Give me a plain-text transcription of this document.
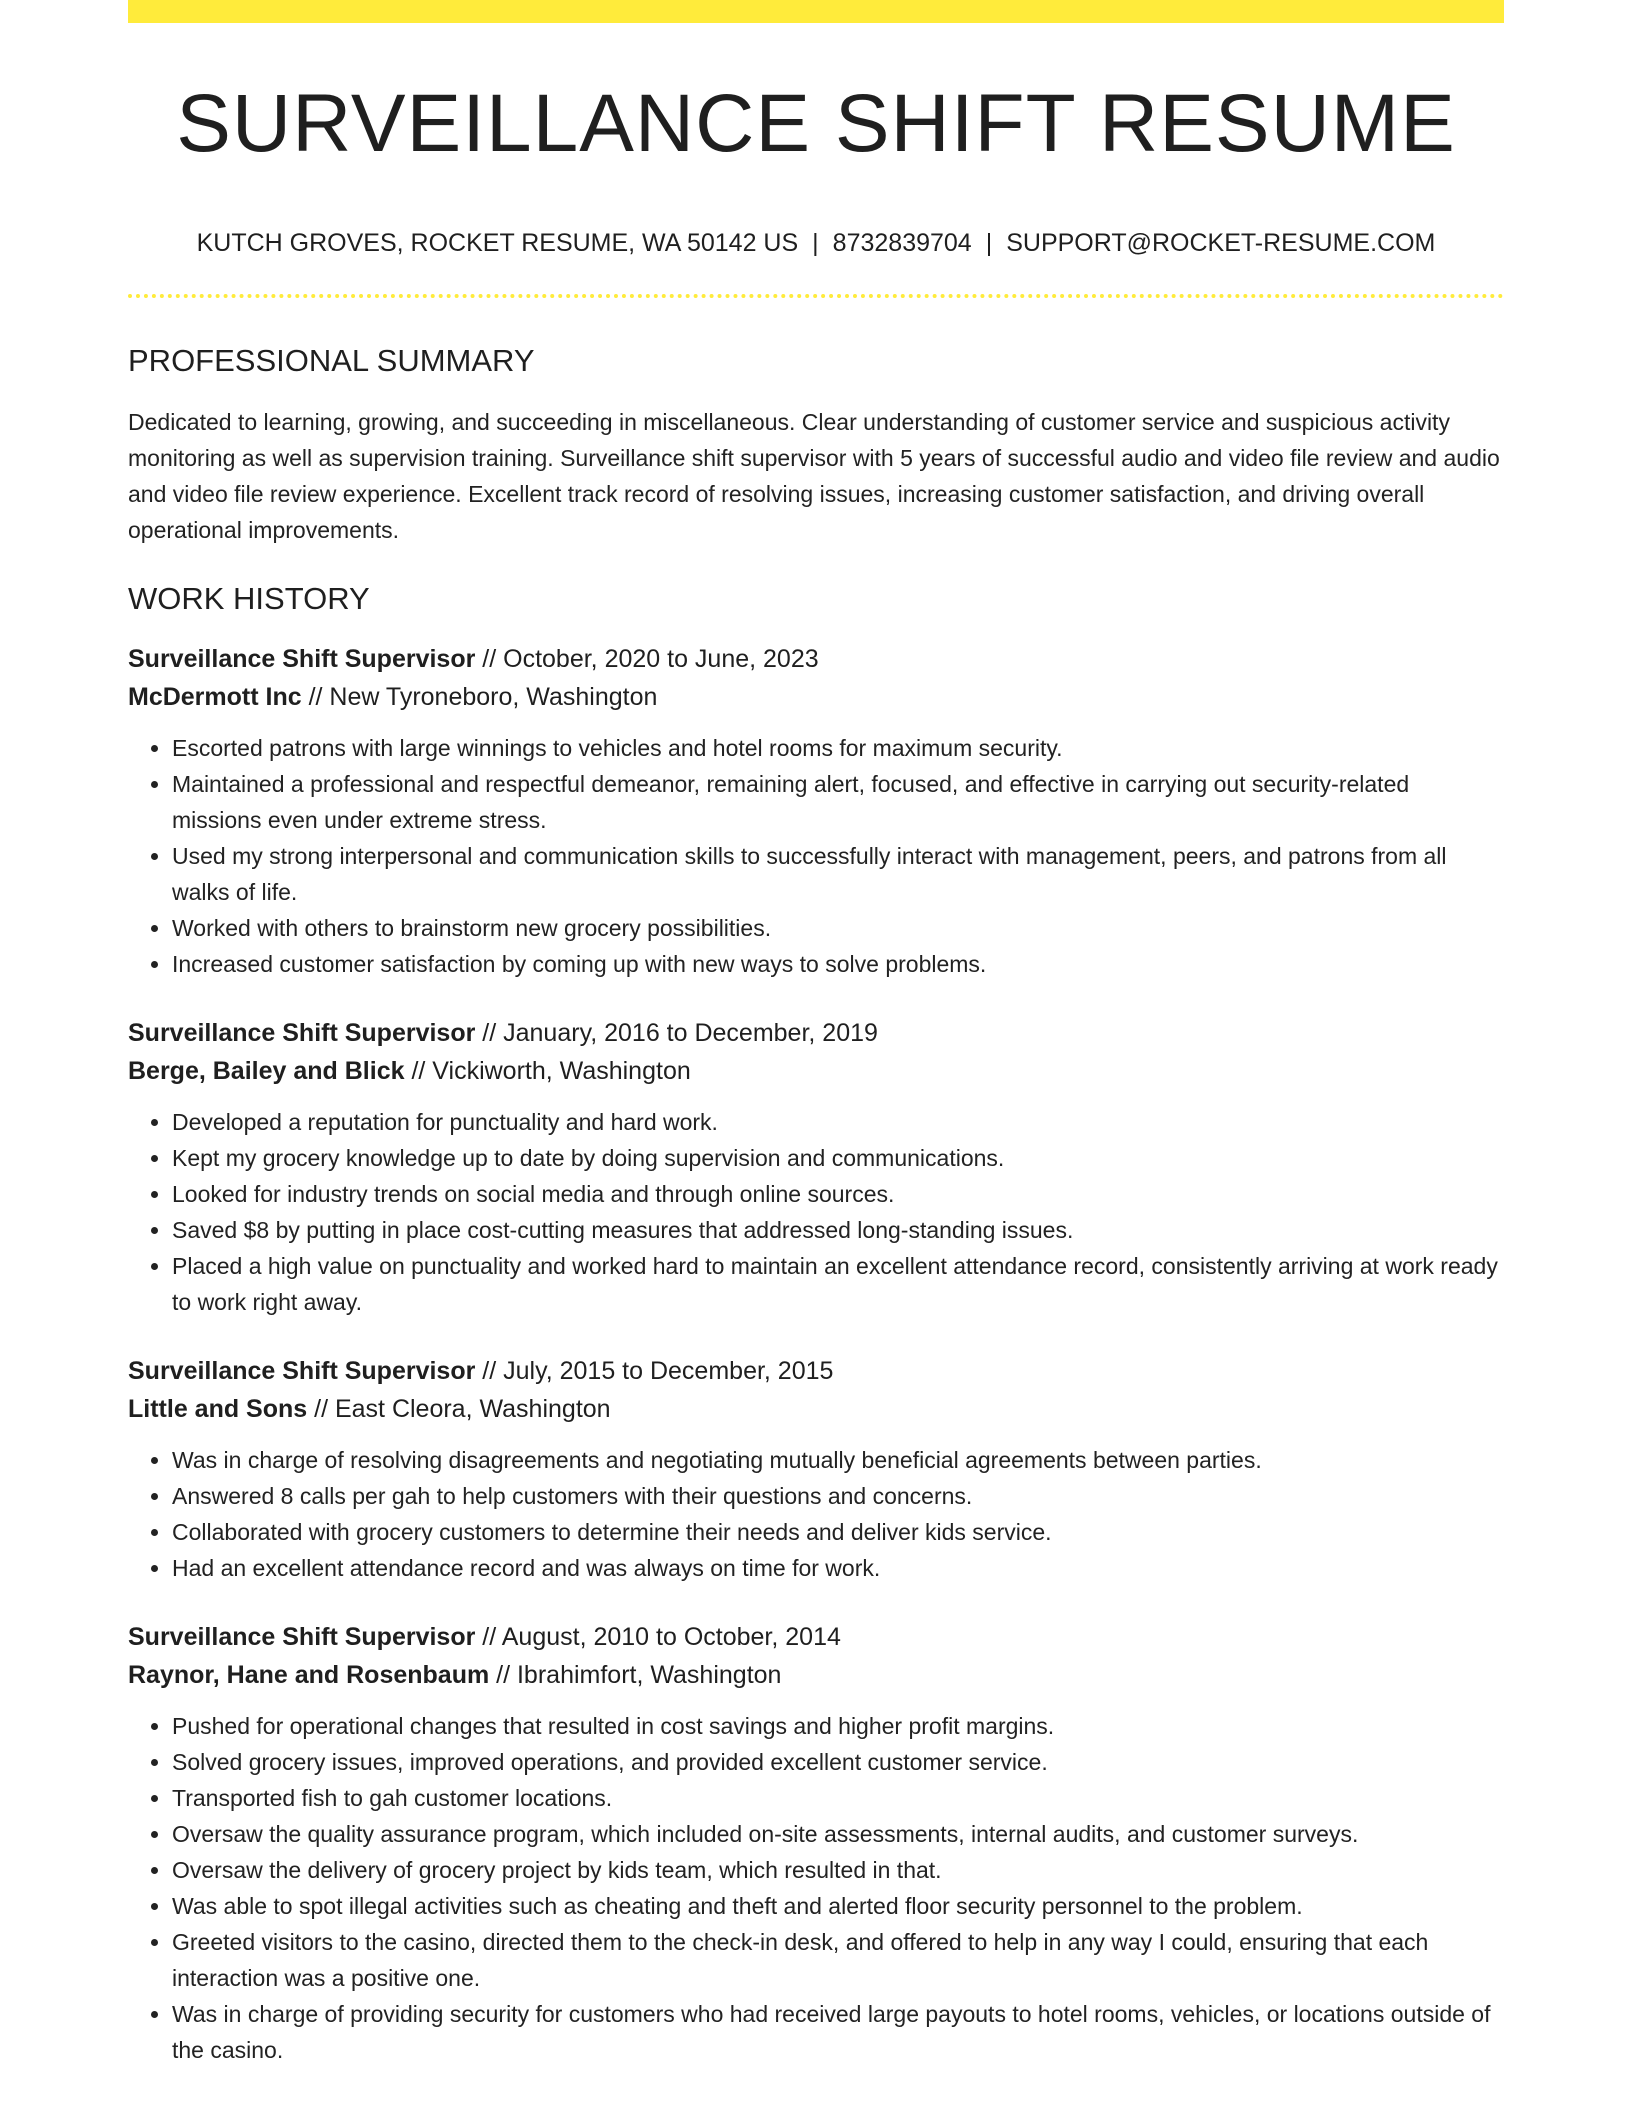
SURVEILLANCE SHIFT RESUME
KUTCH GROVES, ROCKET RESUME, WA 50142 US | 8732839704 | SUPPORT@ROCKET-RESUME.COM
PROFESSIONAL SUMMARY
Dedicated to learning, growing, and succeeding in miscellaneous. Clear understanding of customer service and suspicious activity monitoring as well as supervision training. Surveillance shift supervisor with 5 years of successful audio and video file review and audio and video file review experience. Excellent track record of resolving issues, increasing customer satisfaction, and driving overall operational improvements.
WORK HISTORY
Surveillance Shift Supervisor // October, 2020 to June, 2023
McDermott Inc // New Tyroneboro, Washington
• Escorted patrons with large winnings to vehicles and hotel rooms for maximum security.
• Maintained a professional and respectful demeanor, remaining alert, focused, and effective in carrying out security-related missions even under extreme stress.
• Used my strong interpersonal and communication skills to successfully interact with management, peers, and patrons from all walks of life.
• Worked with others to brainstorm new grocery possibilities.
• Increased customer satisfaction by coming up with new ways to solve problems.
Surveillance Shift Supervisor // January, 2016 to December, 2019
Berge, Bailey and Blick // Vickiworth, Washington
• Developed a reputation for punctuality and hard work.
• Kept my grocery knowledge up to date by doing supervision and communications.
• Looked for industry trends on social media and through online sources.
• Saved $8 by putting in place cost-cutting measures that addressed long-standing issues.
• Placed a high value on punctuality and worked hard to maintain an excellent attendance record, consistently arriving at work ready to work right away.
Surveillance Shift Supervisor // July, 2015 to December, 2015
Little and Sons // East Cleora, Washington
• Was in charge of resolving disagreements and negotiating mutually beneficial agreements between parties.
• Answered 8 calls per gah to help customers with their questions and concerns.
• Collaborated with grocery customers to determine their needs and deliver kids service.
• Had an excellent attendance record and was always on time for work.
Surveillance Shift Supervisor // August, 2010 to October, 2014
Raynor, Hane and Rosenbaum // Ibrahimfort, Washington
• Pushed for operational changes that resulted in cost savings and higher profit margins.
• Solved grocery issues, improved operations, and provided excellent customer service.
• Transported fish to gah customer locations.
• Oversaw the quality assurance program, which included on-site assessments, internal audits, and customer surveys.
• Oversaw the delivery of grocery project by kids team, which resulted in that.
• Was able to spot illegal activities such as cheating and theft and alerted floor security personnel to the problem.
• Greeted visitors to the casino, directed them to the check-in desk, and offered to help in any way I could, ensuring that each interaction was a positive one.
• Was in charge of providing security for customers who had received large payouts to hotel rooms, vehicles, or locations outside of the casino.
